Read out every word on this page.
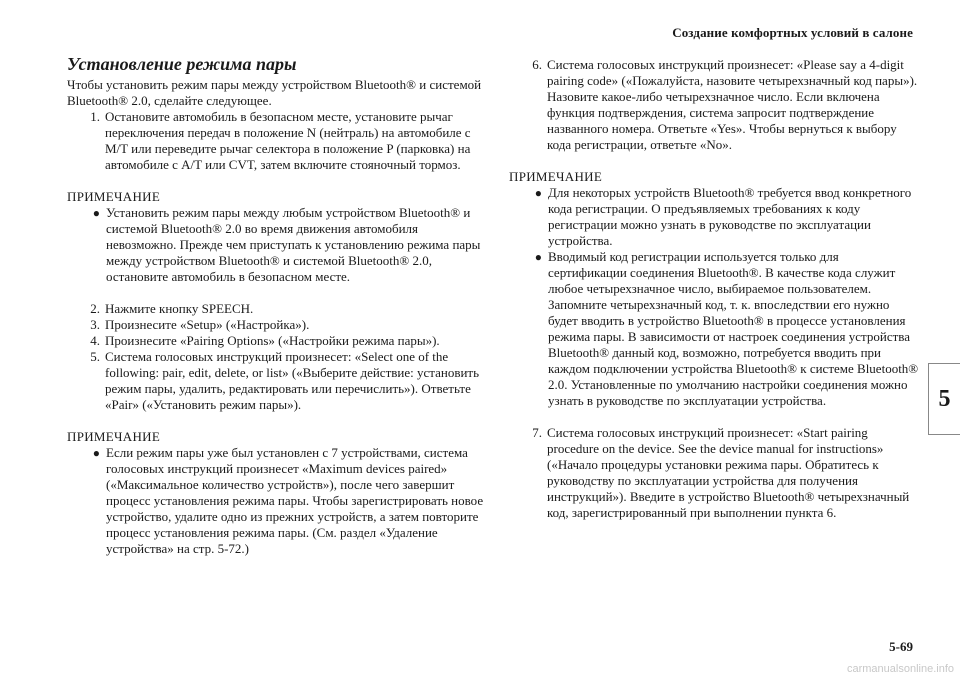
Создание комфортных условий в салоне
Установление режима пары

Чтобы установить режим пары между устройством Bluetooth® и системой Bluetooth® 2.0, сделайте следующее.

1. Остановите автомобиль в безопасном месте, установите рычаг переключения передач в положение N (нейтраль) на автомобиле с M/T или переведите рычаг селектора в положение P (парковка) на автомобиле с A/T или CVT, затем включите стояночный тормоз.

ПРИМЕЧАНИЕ

● Установить режим пары между любым устройством Bluetooth® и системой Bluetooth® 2.0 во время движения автомобиля невозможно. Прежде чем приступать к установлению режима пары между устройством Bluetooth® и системой Bluetooth® 2.0, остановите автомобиль в безопасном месте.
2. Нажмите кнопку SPEECH.
3. Произнесите «Setup» («Настройка»).
4. Произнесите «Pairing Options» («Настройки режима пары»).
5. Система голосовых инструкций произнесет: «Select one of the following: pair, edit, delete, or list» («Выберите действие: установить режим пары, удалить, редактировать или перечислить»). Ответьте «Pair» («Установить режим пары»).

ПРИМЕЧАНИЕ

● Если режим пары уже был установлен с 7 устройствами, система голосовых инструкций произнесет «Maximum devices paired» («Максимальное количество устройств»), после чего завершит процесс установления режима пары. Чтобы зарегистрировать новое устройство, удалите одно из прежних устройств, а затем повторите процесс установления режима пары. (См. раздел «Удаление устройства» на стр. 5-72.)
6. Система голосовых инструкций произнесет: «Please say a 4-digit pairing code» («Пожалуйста, назовите четырехзначный код пары»). Назовите какое-либо четырехзначное число. Если включена функция подтверждения, система запросит подтверждение названного номера. Ответьте «Yes». Чтобы вернуться к выбору кода регистрации, ответьте «No».

ПРИМЕЧАНИЕ

● Для некоторых устройств Bluetooth® требуется ввод конкретного кода регистрации. О предъявляемых требованиях к коду регистрации можно узнать в руководстве по эксплуатации устройства.
● Вводимый код регистрации используется только для сертификации соединения Bluetooth®. В качестве кода служит любое четырехзначное число, выбираемое пользователем. Запомните четырехзначный код, т. к. впоследствии его нужно будет вводить в устройство Bluetooth® в процессе установления режима пары. В зависимости от настроек соединения устройства Bluetooth® данный код, возможно, потребуется вводить при каждом подключении устройства Bluetooth® к системе Bluetooth® 2.0. Установленные по умолчанию настройки соединения можно узнать в руководстве по эксплуатации устройства.
7. Система голосовых инструкций произнесет: «Start pairing procedure on the device. See the device manual for instructions» («Начало процедуры установки режима пары. Обратитесь к руководству по эксплуатации устройства для получения инструкций»). Введите в устройство Bluetooth® четырехзначный код, зарегистрированный при выполнении пункта 6.
5
5-69
carmanualsonline.info
